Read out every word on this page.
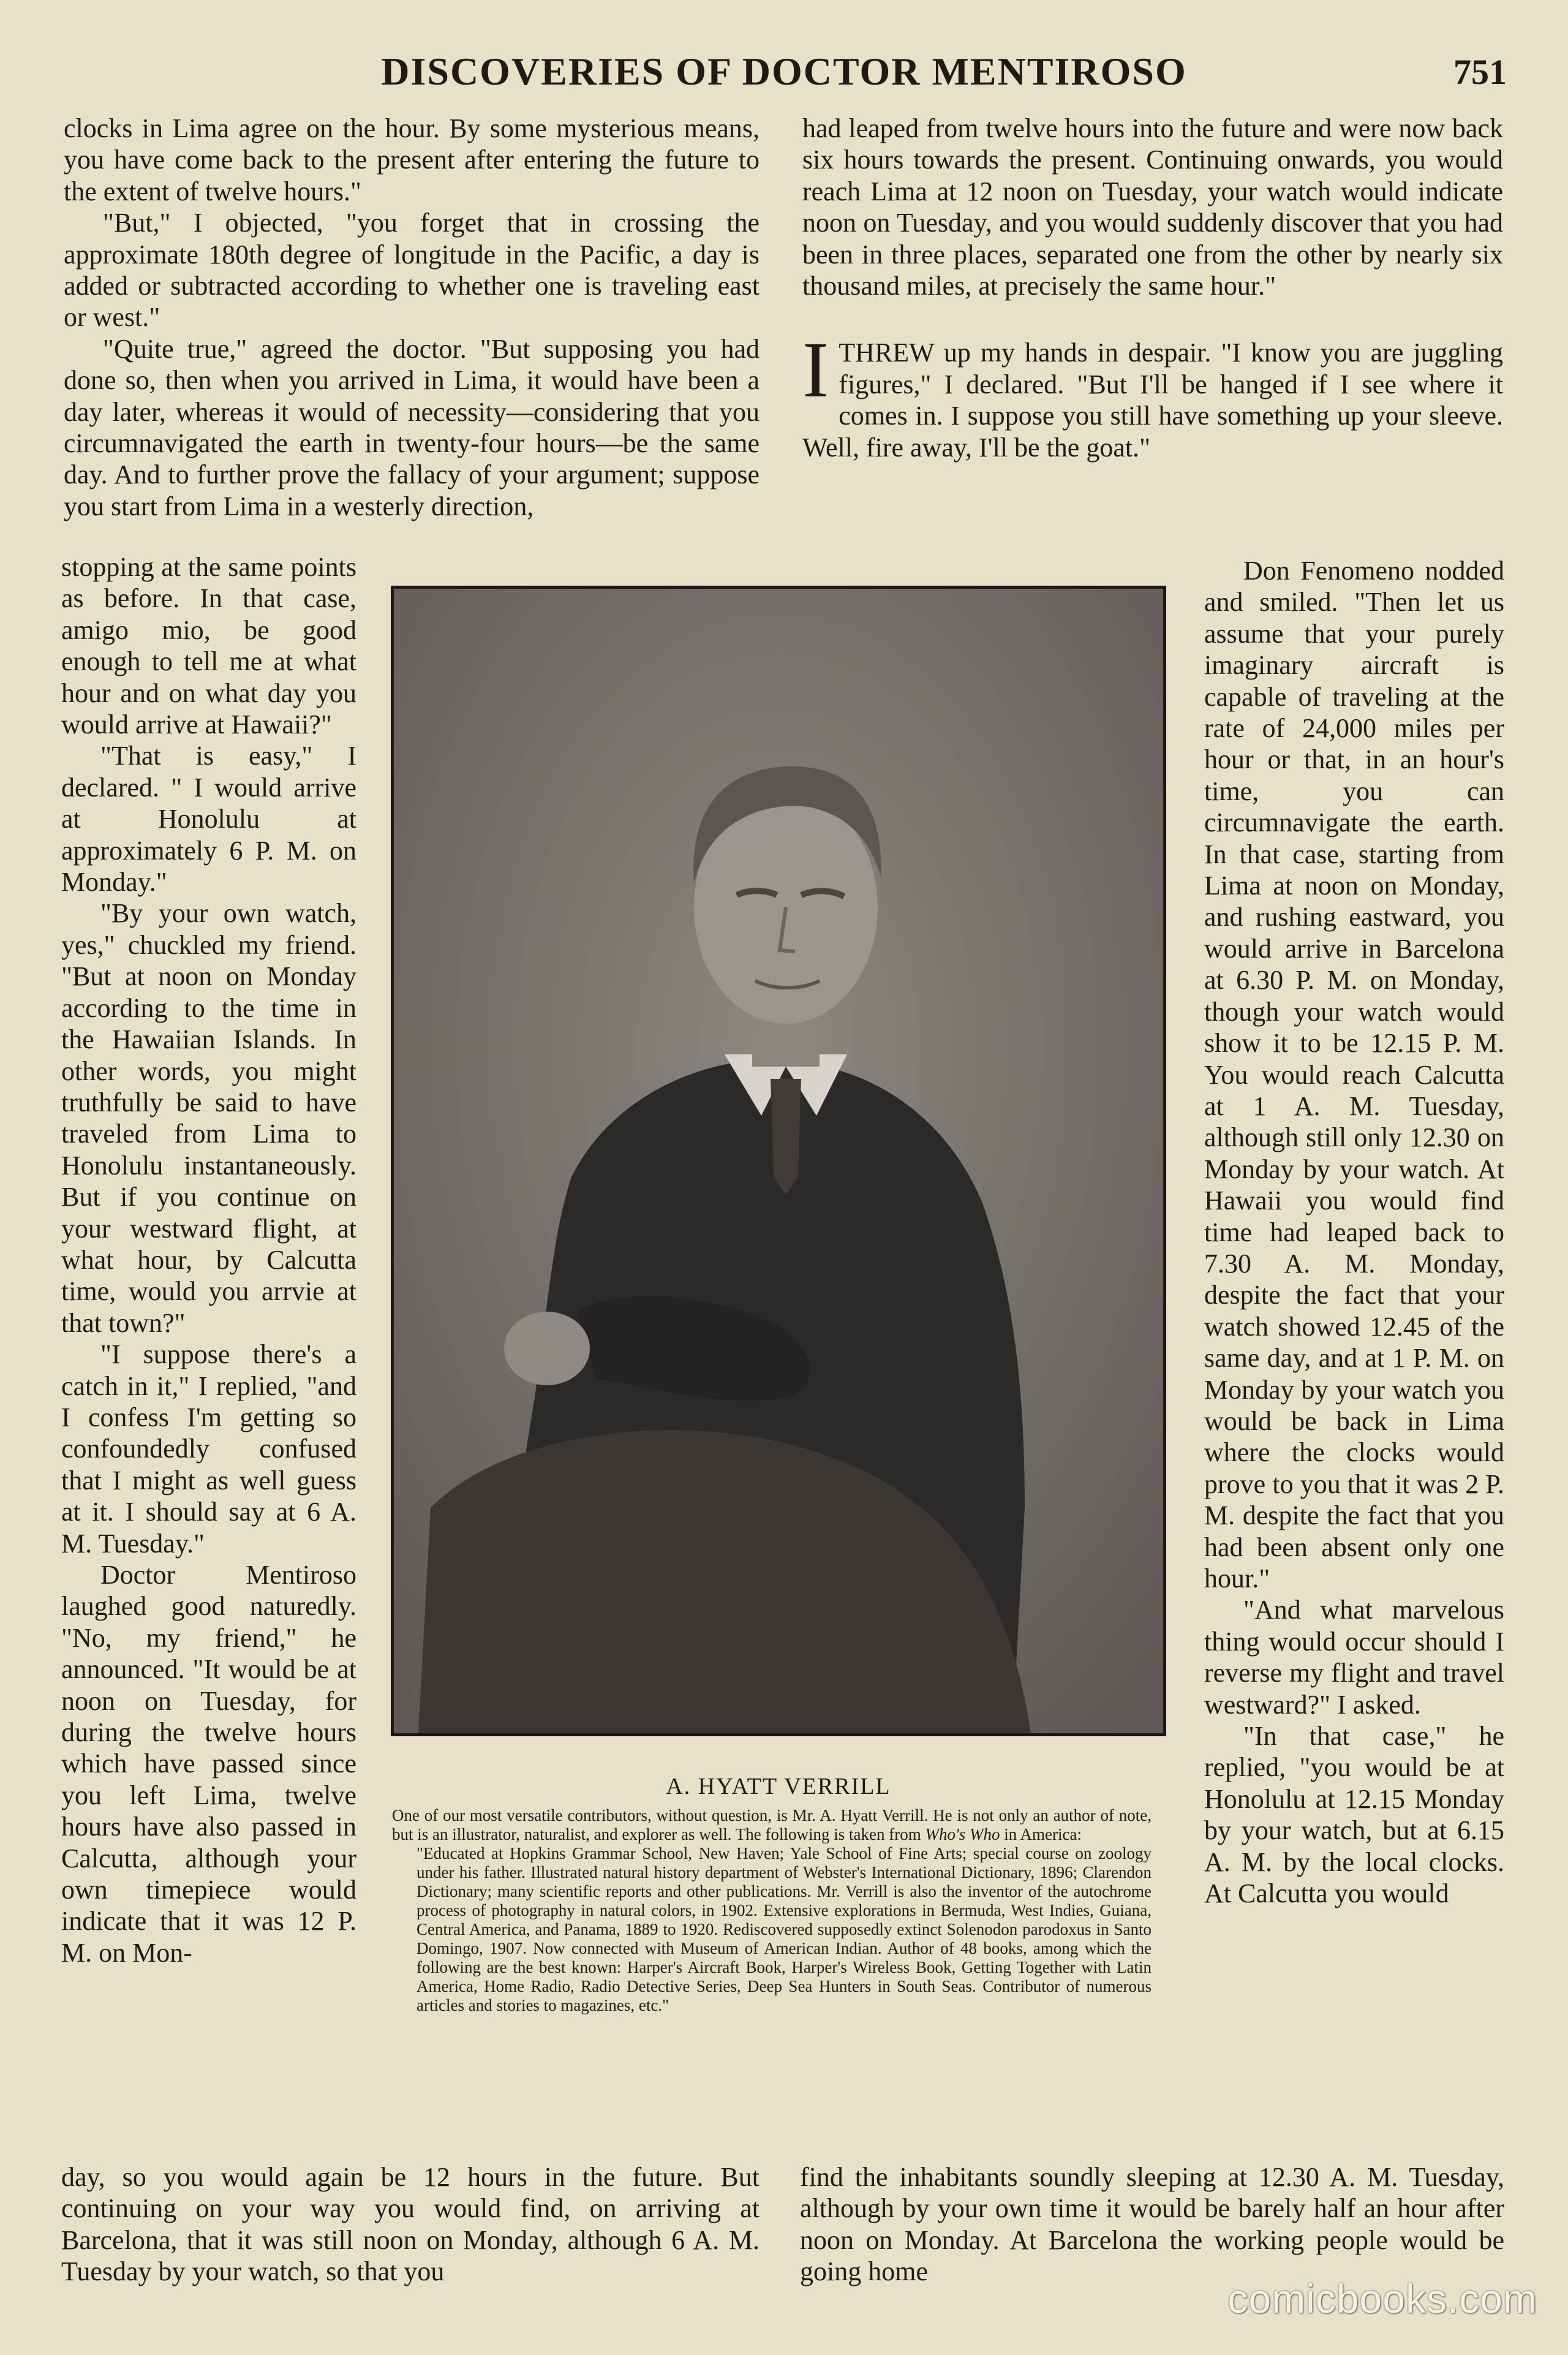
DISCOVERIES OF DOCTOR MENTIROSO	751

clocks in Lima agree on the hour. By some mysterious means, you have come back to the present after entering the future to the extent of twelve hours."

"But," I objected, "you forget that in crossing the approximate 180th degree of longitude in the Pacific, a day is added or subtracted according to whether one is traveling east or west."

"Quite true," agreed the doctor. "But supposing you had done so, then when you arrived in Lima, it would have been a day later, whereas it would of necessity—considering that you circumnavigated the earth in twenty-four hours—be the same day. And to further prove the fallacy of your argument; suppose you start from Lima in a westerly direction,

stopping at the same points as before. In that case, amigo mio, be good enough to tell me at what hour and on what day you would arrive at Hawaii?"

"That is easy," I declared. " I would arrive at Honolulu at approximately 6 P. M. on Monday."

"By your own watch, yes," chuckled my friend. "But at noon on Monday according to the time in the Hawaiian Islands. In other words, you might truthfully be said to have traveled from Lima to Honolulu instantaneously. But if you continue on your westward flight, at what hour, by Calcutta time, would you arrvie at that town?"

"I suppose there's a catch in it," I replied, "and I confess I'm getting so confoundedly confused that I might as well guess at it. I should say at 6 A. M. Tuesday."

Doctor Mentiroso laughed good naturedly. "No, my friend," he announced. "It would be at noon on Tuesday, for during the twelve hours which have passed since you left Lima, twelve hours have also passed in Calcutta, although your own timepiece would indicate that it was 12 P. M. on Mon-

day, so you would again be 12 hours in the future. But continuing on your way you would find, on arriving at Barcelona, that it was still noon on Monday, although 6 A. M. Tuesday by your watch, so that you

had leaped from twelve hours into the future and were now back six hours towards the present. Continuing onwards, you would reach Lima at 12 noon on Tuesday, your watch would indicate noon on Tuesday, and you would suddenly discover that you had been in three places, separated one from the other by nearly six thousand miles, at precisely the same hour."

ITHREW up my hands in despair. "I know you are juggling figures," I declared. "But I'll be hanged if I see where it comes in. I suppose you still have something up your sleeve. Well, fire away, I'll be the goat."

Don Fenomeno nodded and smiled. "Then let us assume that your purely imaginary aircraft is capable of traveling at the rate of 24,000 miles per hour or that, in an hour's time, you can circumnavigate the earth. In that case, starting from Lima at noon on Monday, and rushing eastward, you would arrive in Barcelona at 6.30 P. M. on Monday, though your watch would show it to be 12.15 P. M. You would reach Calcutta at 1 A. M. Tuesday, although still only 12.30 on Monday by your watch. At Hawaii you would find time had leaped back to 7.30 A. M. Monday, despite the fact that your watch showed 12.45 of the same day, and at 1 P. M. on Monday by your watch you would be back in Lima where the clocks would prove to you that it was 2 P. M. despite the fact that you had been absent only one hour."

"And what marvelous thing would occur should I reverse my flight and travel westward?" I asked.

"In that case," he replied, "you would be at Honolulu at 12.15 Monday by your watch, but at 6.15 A. M. by the local clocks. At Calcutta you would

find the inhabitants soundly sleeping at 12.30 A. M. Tuesday, although by your own time it would be barely half an hour after noon on Monday. At Barcelona the working people would be going home

A. HYATT VERRILL
One of our most versatile contributors, without question, is Mr. A. Hyatt Verrill. He is not only an author of note, but is an illustrator, naturalist, and explorer as well. The following is taken from Who's Who in America:
"Educated at Hopkins Grammar School, New Haven; Yale School of Fine Arts; special course on zoology under his father. Illustrated natural history department of Webster's International Dictionary, 1896; Clarendon Dictionary; many scientific reports and other publications. Mr. Verrill is also the inventor of the autochrome process of photography in natural colors, in 1902. Extensive explorations in Bermuda, West Indies, Guiana, Central America, and Panama, 1889 to 1920. Rediscovered supposedly extinct Solenodon parodoxus in Santo Domingo, 1907. Now connected with Museum of American Indian. Author of 48 books, among which the following are the best known: Harper's Aircraft Book, Harper's Wireless Book, Getting Together with Latin America, Home Radio, Radio Detective Series, Deep Sea Hunters in South Seas. Contributor of numerous articles and stories to magazines, etc."
comicbooks.com
